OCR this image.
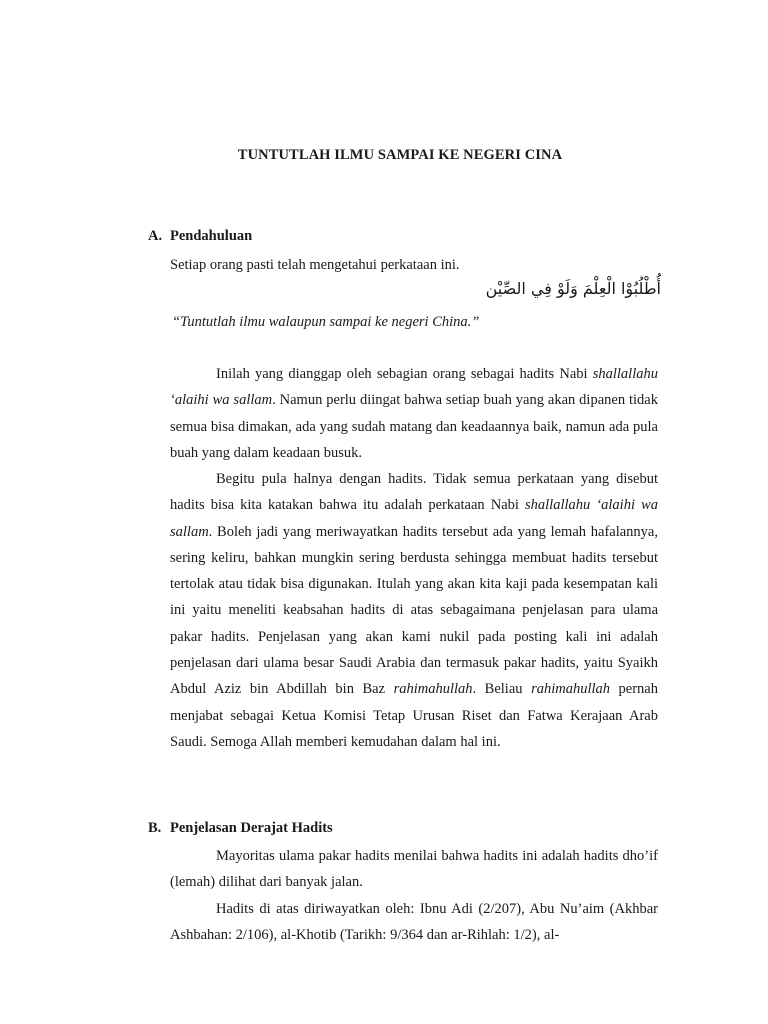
TUNTUTLAH ILMU SAMPAI KE NEGERI CINA
A. Pendahuluan
Setiap orang pasti telah mengetahui perkataan ini.
أُطْلُبُوْا الْعِلْمَ وَلَوْ فِي الصِّيْن
“Tuntutlah ilmu walaupun sampai ke negeri China.”
Inilah yang dianggap oleh sebagian orang sebagai hadits Nabi shallallahu ‘alaihi wa sallam. Namun perlu diingat bahwa setiap buah yang akan dipanen tidak semua bisa dimakan, ada yang sudah matang dan keadaannya baik, namun ada pula buah yang dalam keadaan busuk.
Begitu pula halnya dengan hadits. Tidak semua perkataan yang disebut hadits bisa kita katakan bahwa itu adalah perkataan Nabi shallallahu ‘alaihi wa sallam. Boleh jadi yang meriwayatkan hadits tersebut ada yang lemah hafalannya, sering keliru, bahkan mungkin sering berdusta sehingga membuat hadits tersebut tertolak atau tidak bisa digunakan. Itulah yang akan kita kaji pada kesempatan kali ini yaitu meneliti keabsahan hadits di atas sebagaimana penjelasan para ulama pakar hadits. Penjelasan yang akan kami nukil pada posting kali ini adalah penjelasan dari ulama besar Saudi Arabia dan termasuk pakar hadits, yaitu Syaikh Abdul Aziz bin Abdillah bin Baz rahimahullah. Beliau rahimahullah pernah menjabat sebagai Ketua Komisi Tetap Urusan Riset dan Fatwa Kerajaan Arab Saudi. Semoga Allah memberi kemudahan dalam hal ini.
B. Penjelasan Derajat Hadits
Mayoritas ulama pakar hadits menilai bahwa hadits ini adalah hadits dho’if (lemah) dilihat dari banyak jalan.
Hadits di atas diriwayatkan oleh: Ibnu Adi (2/207), Abu Nu’aim (Akhbar Ashbahan: 2/106), al-Khotib (Tarikh: 9/364 dan ar-Rihlah: 1/2), al-
